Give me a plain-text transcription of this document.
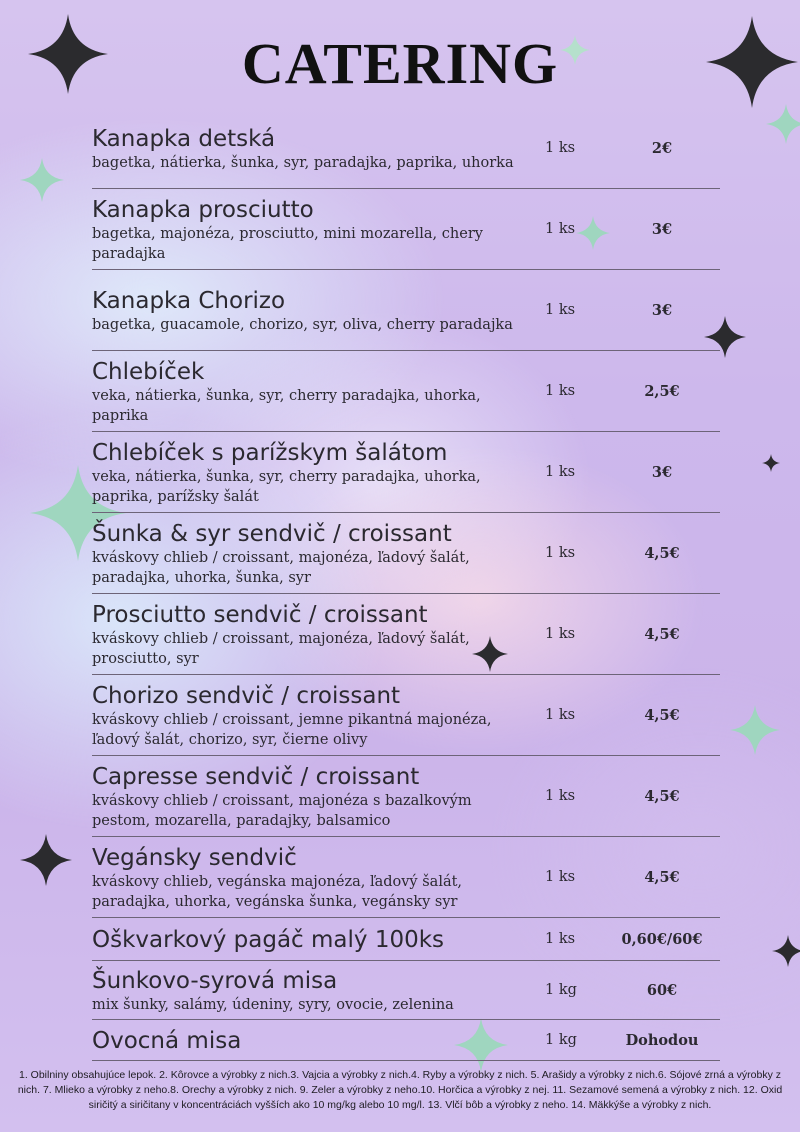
CATERING
Kanapka detská
bagetka, nátierka, šunka, syr, paradajka, paprika, uhorka
1 ks	2€
Kanapka prosciutto
bagetka, majonéza, prosciutto, mini mozarella, chery paradajka
1 ks	3€
Kanapka Chorizo
bagetka, guacamole, chorizo, syr, oliva, cherry paradajka
1 ks	3€
Chlebíček
veka, nátierka, šunka, syr, cherry paradajka, uhorka, paprika
1 ks	2,5€
Chlebíček s parížskym šalátom
veka, nátierka, šunka, syr, cherry paradajka, uhorka, paprika, parížsky šalát
1 ks	3€
Šunka & syr sendvič / croissant
kváskovy chlieb / croissant, majonéza, ľadový šalát, paradajka, uhorka, šunka, syr
1 ks	4,5€
Prosciutto sendvič / croissant
kváskovy chlieb / croissant, majonéza, ľadový šalát, prosciutto, syr
1 ks	4,5€
Chorizo sendvič / croissant
kváskovy chlieb / croissant, jemne pikantná majonéza, ľadový šalát, chorizo, syr, čierne olivy
1 ks	4,5€
Capresse sendvič / croissant
kváskovy chlieb / croissant, majonéza s bazalkovým pestom, mozarella, paradajky, balsamico
1 ks	4,5€
Vegánsky sendvič
kváskovy chlieb, vegánska majonéza, ľadový šalát, paradajka, uhorka, vegánska šunka, vegánsky syr
1 ks	4,5€
Oškvarkový pagáč malý 100ks	1 ks	0,60€/60€
Šunkovo-syrová misa
mix šunky, salámy, údeniny, syry, ovocie, zelenina
1 kg	60€
Ovocná misa	1 kg	Dohodou

1. Obilniny obsahujúce lepok. 2. Kôrovce a výrobky z nich.3. Vajcia a výrobky z nich.4. Ryby a výrobky z nich. 5. Arašidy a výrobky z nich.6. Sójové zrná a výrobky z nich. 7. Mlieko a výrobky z neho.8. Orechy a výrobky z nich. 9. Zeler a výrobky z neho.10. Horčica a výrobky z nej. 11. Sezamové semená a výrobky z nich. 12. Oxid siričitý a siričitany v koncentráciách vyšších ako 10 mg/kg alebo 10 mg/l. 13. Vlčí bôb a výrobky z neho. 14. Mäkkýše a výrobky z nich.
